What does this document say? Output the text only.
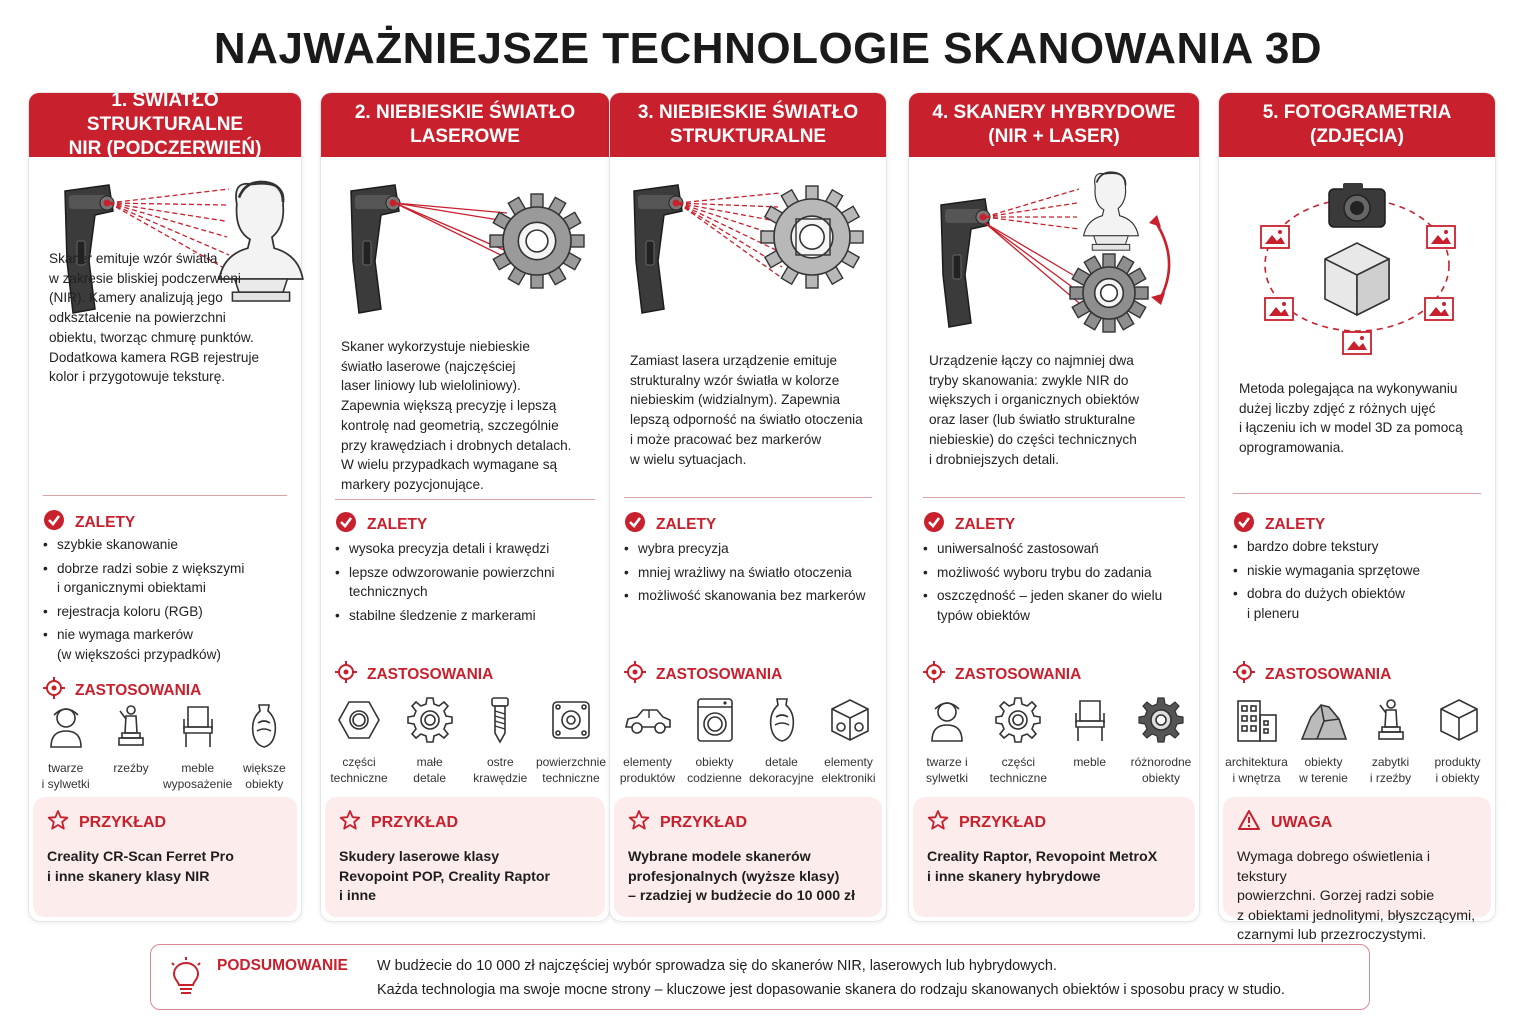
NAJWAŻNIEJSZE TECHNOLOGIE SKANOWANIA 3D
1. ŚWIATŁO STRUKTURALNE
NIR (PODCZERWIEŃ)
Skaner emituje wzór światła
w zakresie bliskiej podczerwieni
(NIR). Kamery analizują jego
odkształcenie na powierzchni
obiektu, tworząc chmurę punktów.
Dodatkowa kamera RGB rejestruje
kolor i przygotowuje teksturę.
ZALETY
• szybkie skanowanie
• dobrze radzi sobie z większymi
i organicznymi obiektami
• rejestracja koloru (RGB)
• nie wymaga markerów
(w większości przypadków)
ZASTOSOWANIA
twarze
i sylwetki
rzeźby	meble
wyposażenie
większe obiekty
PRZYKŁAD
Creality CR-Scan Ferret Pro
i inne skanery klasy NIR
2. NIEBIESKIE ŚWIATŁO
LASEROWE
Skaner wykorzystuje niebieskie
światło laserowe (najczęściej
laser liniowy lub wieloliniowy).
Zapewnia większą precyzję i lepszą
kontrolę nad geometrią, szczególnie
przy krawędziach i drobnych detalach.
W wielu przypadkach wymagane są
markery pozycjonujące.
ZALETY
• wysoka precyzja detali i krawędzi
• lepsze odwzorowanie powierzchni
technicznych
• stabilne śledzenie z markerami
ZASTOSOWANIA
części
techniczne
małe
detale
ostre
krawędzie
powierzchnie
techniczne
PRZYKŁAD
Skudery laserowe klasy
Revopoint POP, Creality Raptor
i inne
3. NIEBIESKIE ŚWIATŁO
STRUKTURALNE
Zamiast lasera urządzenie emituje
strukturalny wzór światła w kolorze
niebieskim (widzialnym). Zapewnia
lepszą odporność na światło otoczenia
i może pracować bez markerów
w wielu sytuacjach.
ZALETY
• wybra precyzja
• mniej wrażliwy na światło otoczenia
• możliwość skanowania bez markerów
ZASTOSOWANIA
elementy
produktów
obiekty
codzienne
detale
dekoracyjne
elementy
elektroniki
PRZYKŁAD
Wybrane modele skanerów
profesjonalnych (wyższe klasy)
– rzadziej w budżecie do 10 000 zł
4. SKANERY HYBRYDOWE
(NIR + LASER)
Urządzenie łączy co najmniej dwa
tryby skanowania: zwykle NIR do
większych i organicznych obiektów
oraz laser (lub światło strukturalne
niebieskie) do części technicznych
i drobniejszych detali.
ZALETY
• uniwersalność zastosowań
• możliwość wyboru trybu do zadania
• oszczędność – jeden skaner do wielu
typów obiektów
ZASTOSOWANIA
twarze i sylwetki
części
techniczne
meble różnorodne
obiekty
PRZYKŁAD
Creality Raptor, Revopoint MetroX
i inne skanery hybrydowe
5. FOTOGRAMETRIA
(ZDJĘCIA)
Metoda polegająca na wykonywaniu
dużej liczby zdjęć z różnych ujęć
i łączeniu ich w model 3D za pomocą
oprogramowania.
ZALETY
• bardzo dobre tekstury
• niskie wymagania sprzętowe
• dobra do dużych obiektów
i pleneru
ZASTOSOWANIA
architektura
i wnętrza
obiekty
w terenie
zabytki
i rzeźby
produkty
i obiekty
UWAGA
Wymaga dobrego oświetlenia i tekstury
powierzchni. Gorzej radzi sobie
z obiektami jednolitymi, błyszczącymi,
czarnymi lub przezroczystymi.
PODSUMOWANIE W budżecie do 10 000 zł najczęściej wybór sprowadza się do skanerów NIR, laserowych lub hybrydowych.
Każda technologia ma swoje mocne strony – kluczowe jest dopasowanie skanera do rodzaju skanowanych obiektów i sposobu pracy w studio.
